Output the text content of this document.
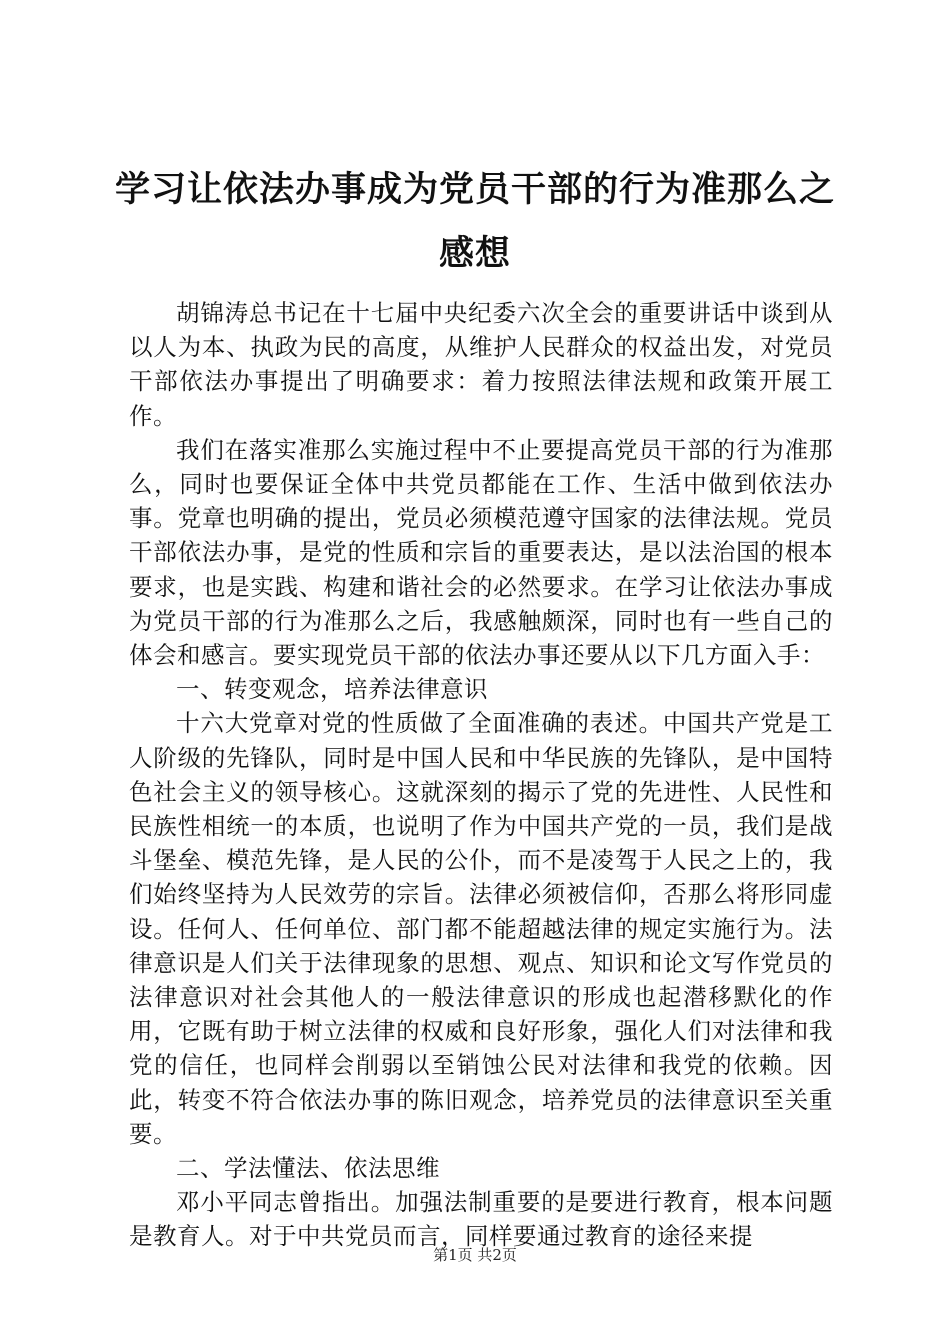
学习让依法办事成为党员干部的行为准那么之感想

胡锦涛总书记在十七届中央纪委六次全会的重要讲话中谈到从以人为本、执政为民的高度，从维护人民群众的权益出发，对党员干部依法办事提出了明确要求：着力按照法律法规和政策开展工作。

我们在落实准那么实施过程中不止要提高党员干部的行为准那么，同时也要保证全体中共党员都能在工作、生活中做到依法办事。党章也明确的提出，党员必须模范遵守国家的法律法规。党员干部依法办事，是党的性质和宗旨的重要表达，是以法治国的根本要求，也是实践、构建和谐社会的必然要求。在学习让依法办事成为党员干部的行为准那么之后，我感触颇深，同时也有一些自己的体会和感言。要实现党员干部的依法办事还要从以下几方面入手：

一、转变观念，培养法律意识

十六大党章对党的性质做了全面准确的表述。中国共产党是工人阶级的先锋队，同时是中国人民和中华民族的先锋队，是中国特色社会主义的领导核心。这就深刻的揭示了党的先进性、人民性和民族性相统一的本质，也说明了作为中国共产党的一员，我们是战斗堡垒、模范先锋，是人民的公仆，而不是凌驾于人民之上的，我们始终坚持为人民效劳的宗旨。法律必须被信仰，否那么将形同虚设。任何人、任何单位、部门都不能超越法律的规定实施行为。法律意识是人们关于法律现象的思想、观点、知识和论文写作党员的法律意识对社会其他人的一般法律意识的形成也起潜移默化的作用，它既有助于树立法律的权威和良好形象，强化人们对法律和我党的信任，也同样会削弱以至销蚀公民对法律和我党的依赖。因此，转变不符合依法办事的陈旧观念，培养党员的法律意识至关重要。

二、学法懂法、依法思维

邓小平同志曾指出。加强法制重要的是要进行教育，根本问题是教育人。对于中共党员而言，同样要通过教育的途径来提

第1页 共2页
